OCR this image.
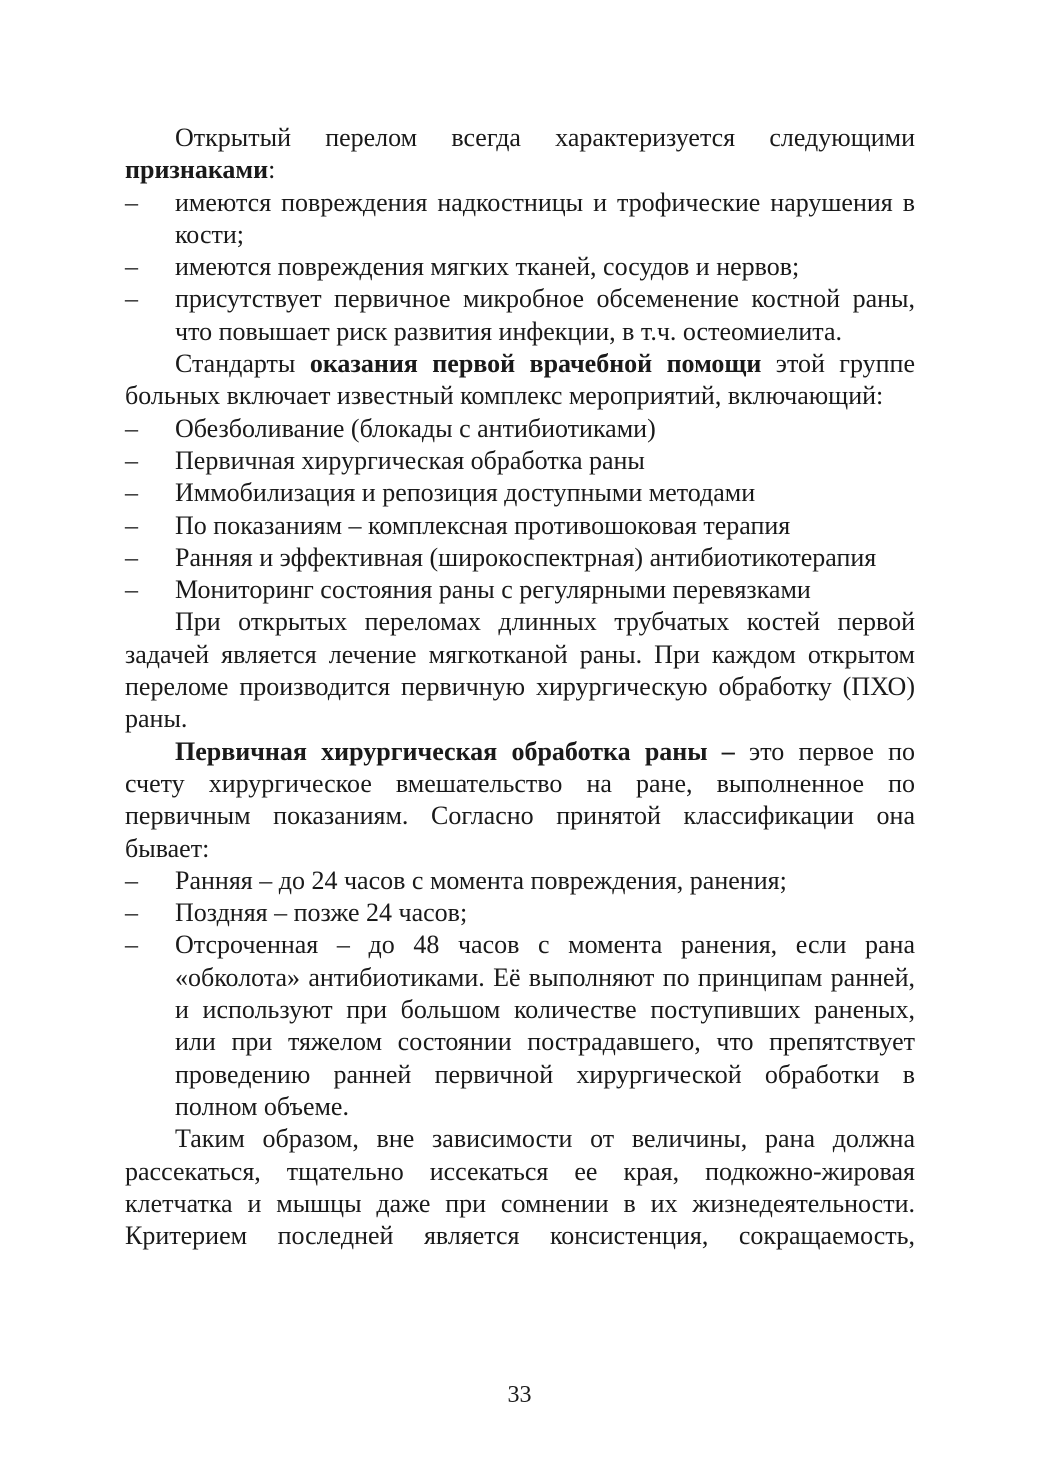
Открытый перелом всегда характеризуется следующими признаками:

– имеются повреждения надкостницы и трофические нарушения в кости;

– имеются повреждения мягких тканей, сосудов и нервов;

– присутствует первичное микробное обсеменение костной раны, что повышает риск развития инфекции, в т.ч. остеомиелита.

Стандарты оказания первой врачебной помощи этой группе больных включает известный комплекс мероприятий, включающий:

– Обезболивание (блокады с антибиотиками)

– Первичная хирургическая обработка раны

– Иммобилизация и репозиция доступными методами

– По показаниям – комплексная противошоковая терапия

– Ранняя и эффективная (широкоспектрная) антибиотикотерапия

– Мониторинг состояния раны с регулярными перевязками

При открытых переломах длинных трубчатых костей первой задачей является лечение мягкотканой раны. При каждом открытом переломе производится первичную хирургическую обработку (ПХО) раны.

Первичная хирургическая обработка раны – это первое по счету хирургическое вмешательство на ране, выполненное по первичным показаниям. Согласно принятой классификации она бывает:

– Ранняя – до 24 часов с момента повреждения, ранения;

– Поздняя – позже 24 часов;

– Отсроченная – до 48 часов с момента ранения, если рана «обколота» антибиотиками. Её выполняют по принципам ранней, и используют при большом количестве поступивших раненых, или при тяжелом состоянии пострадавшего, что препятствует проведению ранней первичной хирургической обработки в полном объеме.

Таким образом, вне зависимости от величины, рана должна рассекаться, тщательно иссекаться ее края, подкожно-жировая клетчатка и мышцы даже при сомнении в их жизнедеятельности. Критерием последней является консистенция, сокращаемость,

33
